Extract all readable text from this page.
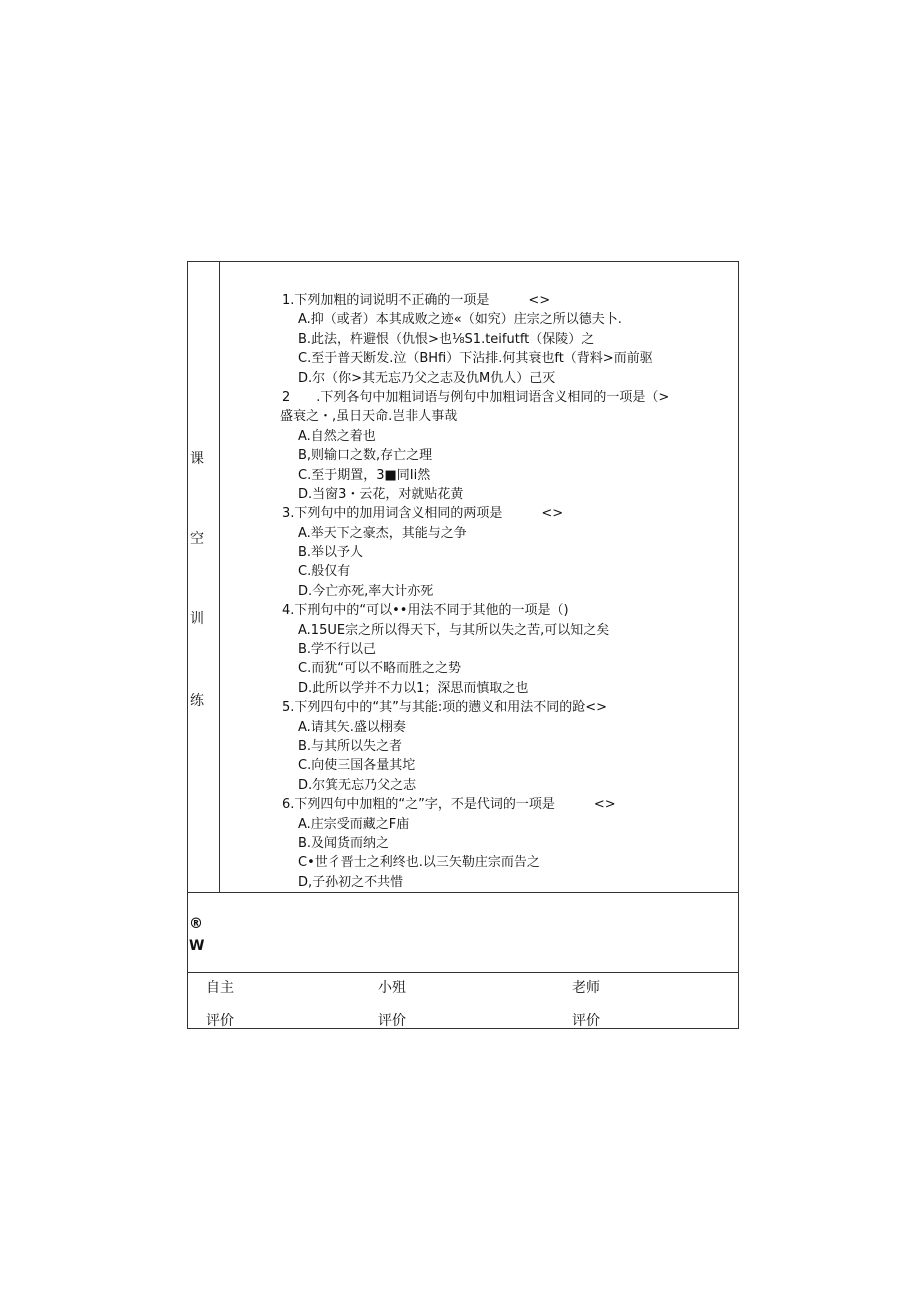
课
空
训
练
®
W
1.下列加粗的词说明不正确的一项是　　　<>
A.抑（或者）本其成败之迹«（如究）庄宗之所以德夫卜.
B.此法，杵避恨（仇恨>也⅛S1.teifutft（保陵）之
C.至于普天断发.泣（BHfi）下沾排.何其衰也ft（背料>而前驱
D.尔（你>其无忘乃父之志及仇M仇人）己灭
2　　.下列各句中加粗词语与例句中加粗词语含义相同的一项是（>
盛衰之・,虽日天命.岂非人事哉
A.自然之着也
B,则输口之数,存亡之理
C.至于期置，3■同Ii然
D.当窗3・云花，对就贴花黄
3.下列句中的加用词含义相同的两项是　　　<>
A.举天下之豪杰，其能与之争
B.举以予人
C.般仅有
D.今亡亦死,率大计亦死
4.下刑句中的“可以••用法不同于其他的一项是（)
A.15UE宗之所以得天下，与其所以失之苦,可以知之矣
B.学不行以己
C.而犹“可以不略而胜之之势
D.此所以学并不力以1；深思而慎取之也
5.下列四句中的“其”与其能:项的懑义和用法不同的跄<>
A.请其矢.盛以栩奏
B.与其所以失之者
C.向使三国各量其坨
D.尔箕无忘乃父之志
6.下列四句中加粗的“之”字，不是代词的一项是　　　<>
A.庄宗受而藏之F庙
B.及闻货而纳之
C•世彳晋士之利终也.以三矢勒庄宗而告之
D,子孙初之不共惜
自主
评价
小殂
评价
老师
评价
